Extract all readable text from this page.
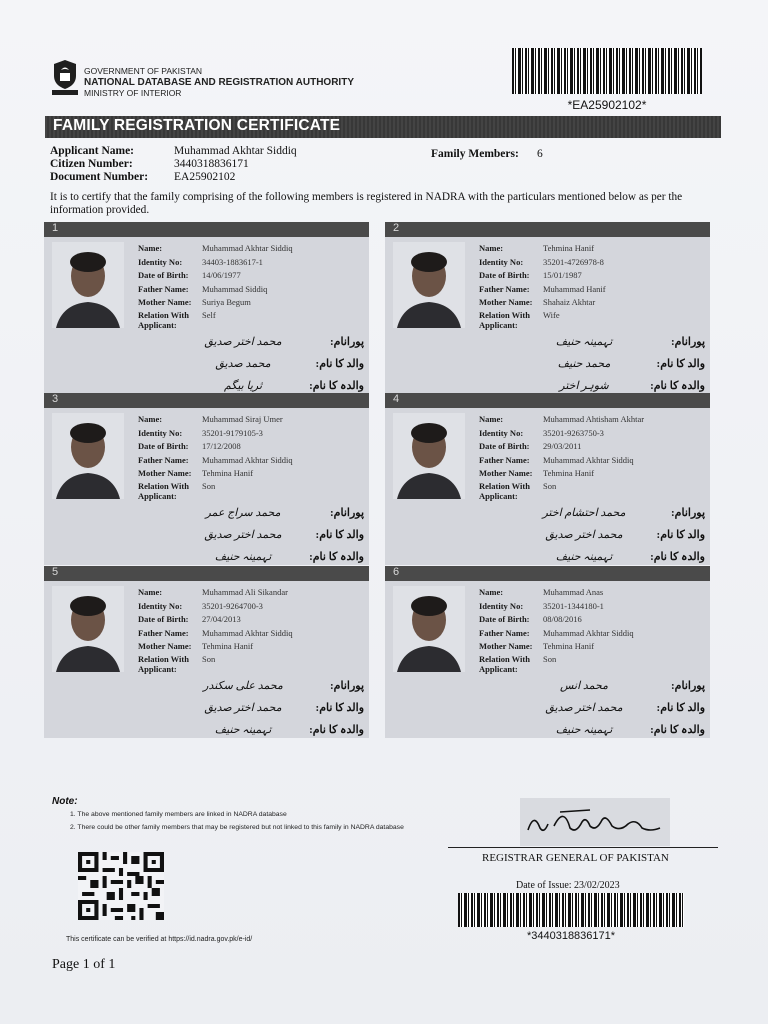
GOVERNMENT OF PAKISTAN
NATIONAL DATABASE AND REGISTRATION AUTHORITY
MINISTRY OF INTERIOR
*EA25902102*
FAMILY REGISTRATION CERTIFICATE
Applicant Name:	Muhammad Akhtar Siddiq
Citizen Number:	3440318836171
Document Number: EA25902102
Family Members: 6
It is to certify that the family comprising of the following members is registered in NADRA with the particulars mentioned below as per the information provided.
1
Name:	Muhammad Akhtar Siddiq
Identity No:	34403-1883617-1
Date of Birth:	14/06/1977
Father Name:	Muhammad Siddiq
Mother Name:	Suriya Begum
Relation With Applicant:
Self
پورانام:
محمد اختر صدیق
والد کا نام:
محمد صدیق
والدہ کا نام:
ثریا بیگم
2
Name:	Tehmina Hanif
Identity No:	35201-4726978-8
Date of Birth:	15/01/1987
Father Name:	Muhammad Hanif
Mother Name:	Shahaiz Akhtar
Relation With Applicant:
Wife
پورانام:
تہمینہ حنیف
والد کا نام:
محمد حنیف
والدہ کا نام:
شوہر اختر
3
Name:	Muhammad Siraj Umer
Identity No:	35201-9179105-3
Date of Birth:	17/12/2008
Father Name:	Muhammad Akhtar Siddiq
Mother Name:	Tehmina Hanif
Relation With Applicant:
Son
پورانام:
محمد سراج عمر
والد کا نام:
محمد اختر صدیق
والدہ کا نام:
تہمینہ حنیف
4
Name:	Muhammad Ahtisham Akhtar
Identity No:	35201-9263750-3
Date of Birth:	29/03/2011
Father Name:	Muhammad Akhtar Siddiq
Mother Name:	Tehmina Hanif
Relation With Applicant:
Son
پورانام:
محمد احتشام اختر
والد کا نام:
محمد اختر صدیق
والدہ کا نام:
تہمینہ حنیف
5
Name:	Muhammad Ali Sikandar
Identity No:	35201-9264700-3
Date of Birth:	27/04/2013
Father Name:	Muhammad Akhtar Siddiq
Mother Name:	Tehmina Hanif
Relation With Applicant:
Son
پورانام:
محمد علی سکندر
والد کا نام:
محمد اختر صدیق
والدہ کا نام:
تہمینہ حنیف
6
Name:	Muhammad Anas
Identity No:	35201-1344180-1
Date of Birth:	08/08/2016
Father Name:	Muhammad Akhtar Siddiq
Mother Name:	Tehmina Hanif
Relation With Applicant:
Son
پورانام:
محمد انس
والد کا نام:
محمد اختر صدیق
والدہ کا نام:
تہمینہ حنیف
Note:
1. The above mentioned family members are linked in NADRA database
2. There could be other family members that may be registered but not linked to this family in NADRA database
REGISTRAR GENERAL OF PAKISTAN
Date of Issue: 23/02/2023
*3440318836171*
This certificate can be verified at https://id.nadra.gov.pk/e-id/
Page 1 of 1
